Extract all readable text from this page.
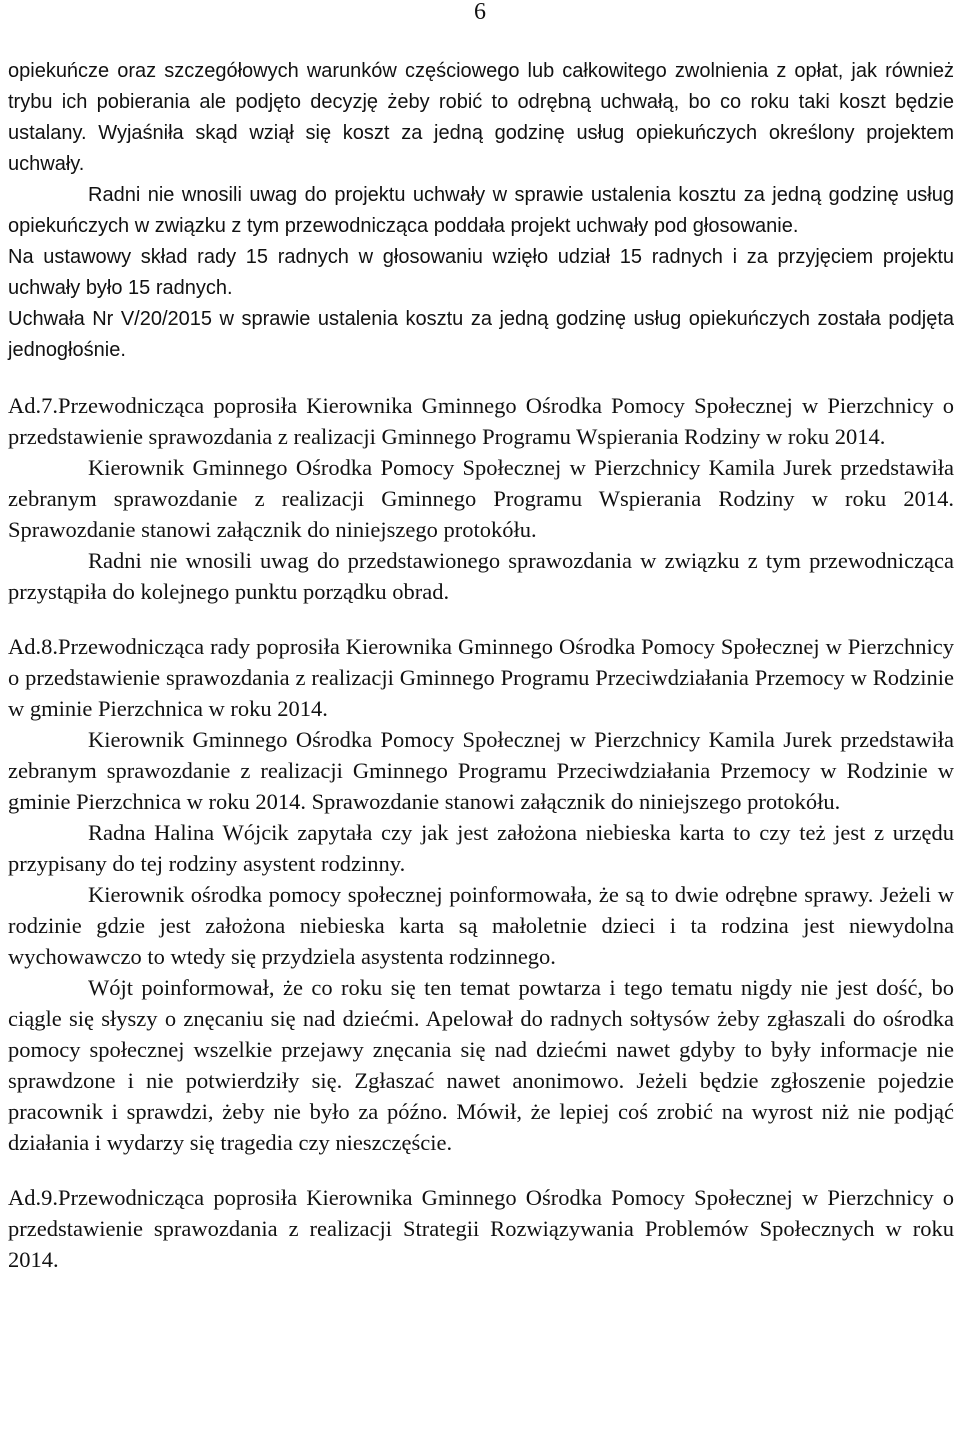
6

opiekuńcze oraz szczegółowych warunków częściowego lub całkowitego zwolnienia z opłat, jak również trybu ich pobierania ale podjęto decyzję żeby robić to odrębną uchwałą, bo co roku taki koszt będzie ustalany. Wyjaśniła skąd wziął się koszt za jedną godzinę usług opiekuńczych określony projektem uchwały.

Radni nie wnosili uwag do projektu uchwały w sprawie ustalenia kosztu za jedną godzinę usług opiekuńczych w związku z tym przewodnicząca poddała projekt uchwały pod głosowanie.

Na ustawowy skład rady 15 radnych w głosowaniu wzięło udział 15 radnych i za przyjęciem projektu uchwały było 15 radnych.

Uchwała Nr V/20/2015 w sprawie ustalenia kosztu za jedną godzinę usług opiekuńczych została podjęta jednogłośnie.

Ad.7.Przewodnicząca poprosiła Kierownika Gminnego Ośrodka Pomocy Społecznej w Pierzchnicy o przedstawienie sprawozdania z realizacji Gminnego Programu Wspierania Rodziny w roku 2014.

Kierownik Gminnego Ośrodka Pomocy Społecznej w Pierzchnicy Kamila Jurek przedstawiła zebranym sprawozdanie z realizacji Gminnego Programu Wspierania Rodziny w roku 2014. Sprawozdanie stanowi załącznik do niniejszego protokółu.

Radni nie wnosili uwag do przedstawionego sprawozdania w związku z tym przewodnicząca przystąpiła do kolejnego punktu porządku obrad.

Ad.8.Przewodnicząca rady poprosiła Kierownika Gminnego Ośrodka Pomocy Społecznej w Pierzchnicy o przedstawienie sprawozdania z realizacji Gminnego Programu Przeciwdziałania Przemocy w Rodzinie w gminie Pierzchnica w roku 2014.

Kierownik Gminnego Ośrodka Pomocy Społecznej w Pierzchnicy Kamila Jurek przedstawiła zebranym sprawozdanie z realizacji Gminnego Programu Przeciwdziałania Przemocy w Rodzinie w gminie Pierzchnica w roku 2014. Sprawozdanie stanowi załącznik do niniejszego protokółu.

Radna Halina Wójcik zapytała czy jak jest założona niebieska karta to czy też jest z urzędu przypisany do tej rodziny asystent rodzinny.

Kierownik ośrodka pomocy społecznej poinformowała, że są to dwie odrębne sprawy. Jeżeli w rodzinie gdzie jest założona niebieska karta są małoletnie dzieci i ta rodzina jest niewydolna wychowawczo to wtedy się przydziela asystenta rodzinnego.

Wójt poinformował, że co roku się ten temat powtarza i tego tematu nigdy nie jest dość, bo ciągle się słyszy o znęcaniu się nad dziećmi. Apelował do radnych sołtysów żeby zgłaszali do ośrodka pomocy społecznej wszelkie przejawy znęcania się nad dziećmi nawet gdyby to były informacje nie sprawdzone i nie potwierdziły się. Zgłaszać nawet anonimowo. Jeżeli będzie zgłoszenie pojedzie pracownik i sprawdzi, żeby nie było za późno. Mówił, że lepiej coś zrobić na wyrost niż nie podjąć działania i wydarzy się tragedia czy nieszczęście.

Ad.9.Przewodnicząca poprosiła Kierownika Gminnego Ośrodka Pomocy Społecznej w Pierzchnicy o przedstawienie sprawozdania z realizacji Strategii Rozwiązywania Problemów Społecznych w roku 2014.
